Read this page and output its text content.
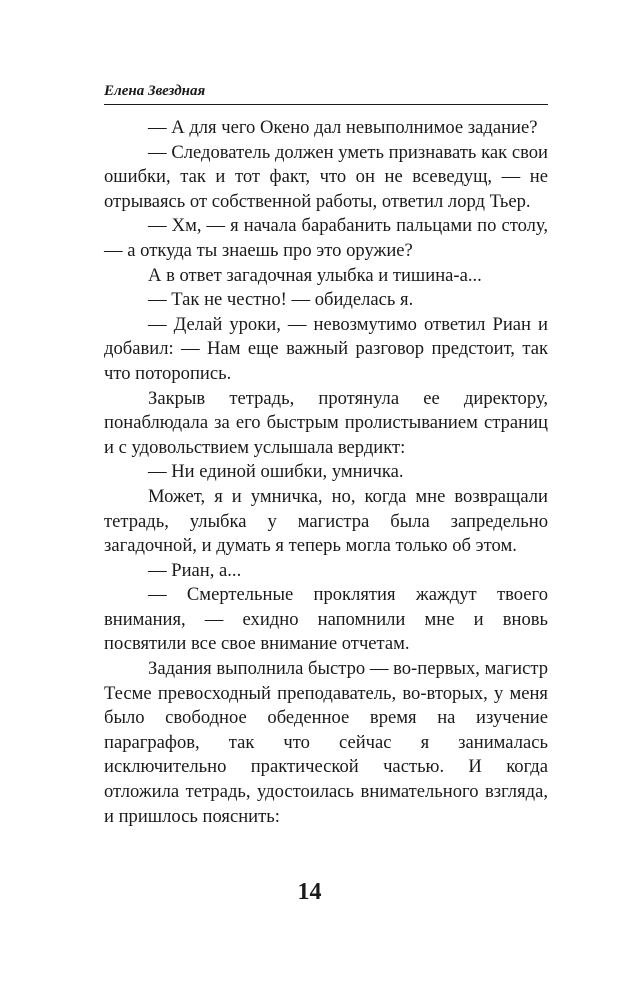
Елена Звездная

— А для чего Окено дал невыполнимое задание?

— Следователь должен уметь признавать как свои ошибки, так и тот факт, что он не всеведущ, — не отрываясь от собственной работы, ответил лорд Тьер.

— Хм, — я начала барабанить пальцами по столу, — а откуда ты знаешь про это оружие?

А в ответ загадочная улыбка и тишина-а...

— Так не честно! — обиделась я.

— Делай уроки, — невозмутимо ответил Риан и добавил: — Нам еще важный разговор предстоит, так что поторопись.

Закрыв тетрадь, протянула ее директору, понаблюдала за его быстрым пролистыванием страниц и с удовольствием услышала вердикт:

— Ни единой ошибки, умничка.

Может, я и умничка, но, когда мне возвращали тетрадь, улыбка у магистра была запредельно загадочной, и думать я теперь могла только об этом.

— Риан, а...

— Смертельные проклятия жаждут твоего внимания, — ехидно напомнили мне и вновь посвятили все свое внимание отчетам.

Задания выполнила быстро — во-первых, магистр Тесме превосходный преподаватель, во-вторых, у меня было свободное обеденное время на изучение параграфов, так что сейчас я занималась исключительно практической частью. И когда отложила тетрадь, удостоилась внимательного взгляда, и пришлось пояснить:

14
